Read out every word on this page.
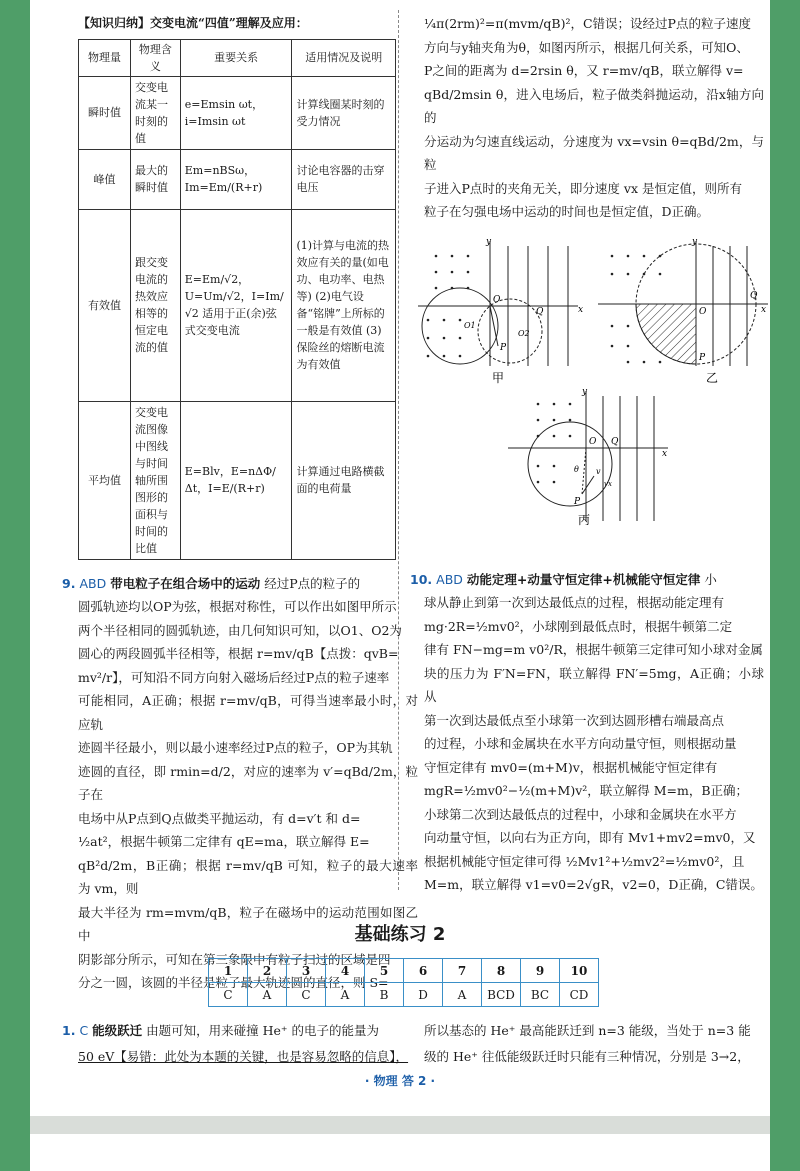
【知识归纳】交变电流“四值”理解及应用：
物理量	物理含义	重要关系	适用情况及说明
瞬时值	交变电流某一时刻的值	e=Emsin ωt，i=Imsin ωt	计算线圈某时刻的受力情况
峰值	最大的瞬时值	Em=nBSω，Im=Em/(R+r)	讨论电容器的击穿电压
有效值	跟交变电流的热效应相等的恒定电流的值	E=Em/√2，U=Um/√2，I=Im/√2 适用于正(余)弦式交变电流	(1)计算与电流的热效应有关的量(如电功、电功率、电热等) (2)电气设备“铭牌”上所标的一般是有效值 (3)保险丝的熔断电流为有效值
平均值	交变电流图像中图线与时间轴所围图形的面积与时间的比值	E=Blv，E=nΔΦ/Δt，I=E/(R+r)	计算通过电路横截面的电荷量
9. ABD 带电粒子在组合场中的运动 经过P点的粒子的
圆弧轨迹均以OP为弦，根据对称性，可以作出如图甲所示
两个半径相同的圆弧轨迹，由几何知识可知，以O1、O2为
圆心的两段圆弧半径相等，根据 r=mv/qB【点拨：qvB=
mv²/r】，可知沿不同方向射入磁场后经过P点的粒子速率
可能相同，A正确；根据 r=mv/qB，可得当速率最小时，对应轨
迹圆半径最小，则以最小速率经过P点的粒子，OP为其轨
迹圆的直径，即 rmin=d/2，对应的速率为 v′=qBd/2m，粒子在
电场中从P点到Q点做类平抛运动，有 d=v′t 和 d=
½at²，根据牛顿第二定律有 qE=ma，联立解得 E=
qB²d/2m，B正确；根据 r=mv/qB 可知，粒子的最大速率为 vm，则
最大半径为 rm=mvm/qB，粒子在磁场中的运动范围如图乙中
阴影部分所示，可知在第三象限中有粒子扫过的区域是四
分之一圆，该圆的半径是粒子最大轨迹圆的直径，则 S=
¼π(2rm)²=π(mvm/qB)²，C错误；设经过P点的粒子速度
方向与y轴夹角为θ，如图丙所示，根据几何关系，可知O、
P之间的距离为 d=2rsin θ，又 r=mv/qB，联立解得 v=
qBd/2msin θ，进入电场后，粒子做类斜抛运动，沿x轴方向的
分运动为匀速直线运动，分速度为 vx=vsin θ=qBd/2m，与粒
子进入P点时的夹角无关，即分速度 vx 是恒定值，则所有
粒子在匀强电场中运动的时间也是恒定值，D正确。
10. ABD 动能定理+动量守恒定律+机械能守恒定律 小
球从静止到第一次到达最低点的过程，根据动能定理有
mg·2R=½mv0²，小球刚到最低点时，根据牛顿第二定
律有 FN−mg=m v0²/R，根据牛顿第三定律可知小球对金属
块的压力为 F′N=FN，联立解得 FN′=5mg，A正确；小球从
第一次到达最低点至小球第一次到达圆形槽右端最高点
的过程，小球和金属块在水平方向动量守恒，则根据动量
守恒定律有 mv0=(m+M)v，根据机械能守恒定律有
mgR=½mv0²−½(m+M)v²，联立解得 M=m，B正确；
小球第二次到达最低点的过程中，小球和金属块在水平方
向动量守恒，以向右为正方向，即有 Mv1+mv2=mv0，又
根据机械能守恒定律可得 ½Mv1²+½mv2²=½mv0²，且
M=m，联立解得 v1=v0=2√gR，v2=0，D正确，C错误。
y
x
O
Q
P
O1
O2
甲
y
x
O
Q
P
乙
y
x
O Q
P
θ v
vx
丙
基础练习 2
1	2	3	4	5	6	7	8	9	10
C	A	C	A	B	D	A	BCD	BC	CD
1. C 能级跃迁 由题可知，用来碰撞 He⁺ 的电子的能量为
50 eV【易错：此处为本题的关键，也是容易忽略的信息】，
所以基态的 He⁺ 最高能跃迁到 n=3 能级，当处于 n=3 能
级的 He⁺ 往低能级跃迁时只能有三种情况，分别是 3→2，
· 物理 答 2 ·
